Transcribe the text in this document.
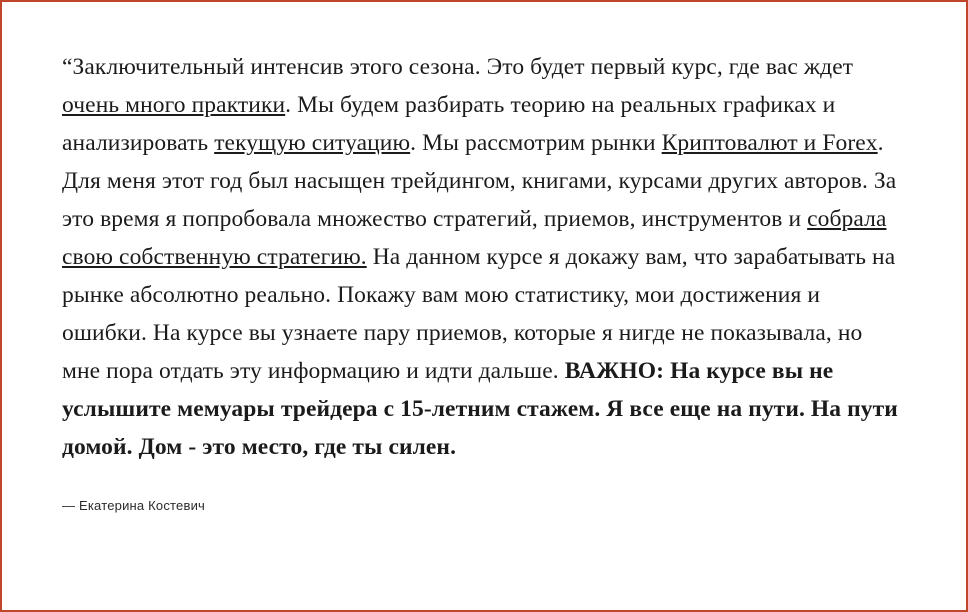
“Заключительный интенсив этого сезона. Это будет первый курс, где вас ждет очень много практики. Мы будем разбирать теорию на реальных графиках и анализировать текущую ситуацию. Мы рассмотрим рынки Криптовалют и Forex. Для меня этот год был насыщен трейдингом, книгами, курсами других авторов. За это время я попробовала множество стратегий, приемов, инструментов и собрала свою собственную стратегию. На данном курсе я докажу вам, что зарабатывать на рынке абсолютно реально. Покажу вам мою статистику, мои достижения и ошибки. На курсе вы узнаете пару приемов, которые я нигде не показывала, но мне пора отдать эту информацию и идти дальше. ВАЖНО: На курсе вы не услышите мемуары трейдера с 15-летним стажем. Я все еще на пути. На пути домой. Дом - это место, где ты силен.
— Екатерина Костевич
